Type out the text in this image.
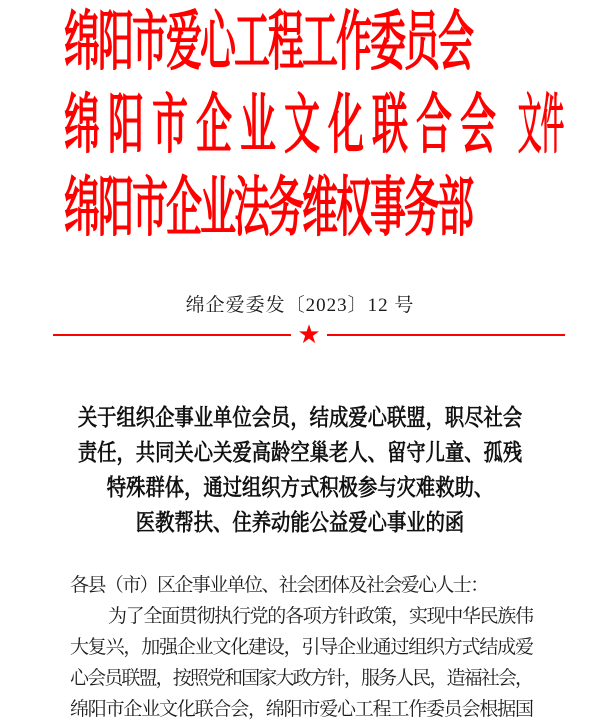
绵阳市爱心工程工作委员会
绵阳市企业文化联合会 文件
绵阳市企业法务维权事务部
绵企爱委发〔2023〕12 号
★
关于组织企事业单位会员，结成爱心联盟，职尽社会
责任，共同关心关爱高龄空巢老人、留守儿童、孤残
特殊群体，通过组织方式积极参与灾难救助、
医教帮扶、住养动能公益爱心事业的函
各县（市）区企事业单位、社会团体及社会爱心人士：
为了全面贯彻执行党的各项方针政策，实现中华民族伟
大复兴，加强企业文化建设，引导企业通过组织方式结成爱
心会员联盟，按照党和国家大政方针，服务人民，造福社会，
绵阳市企业文化联合会，绵阳市爱心工程工作委员会根据国
